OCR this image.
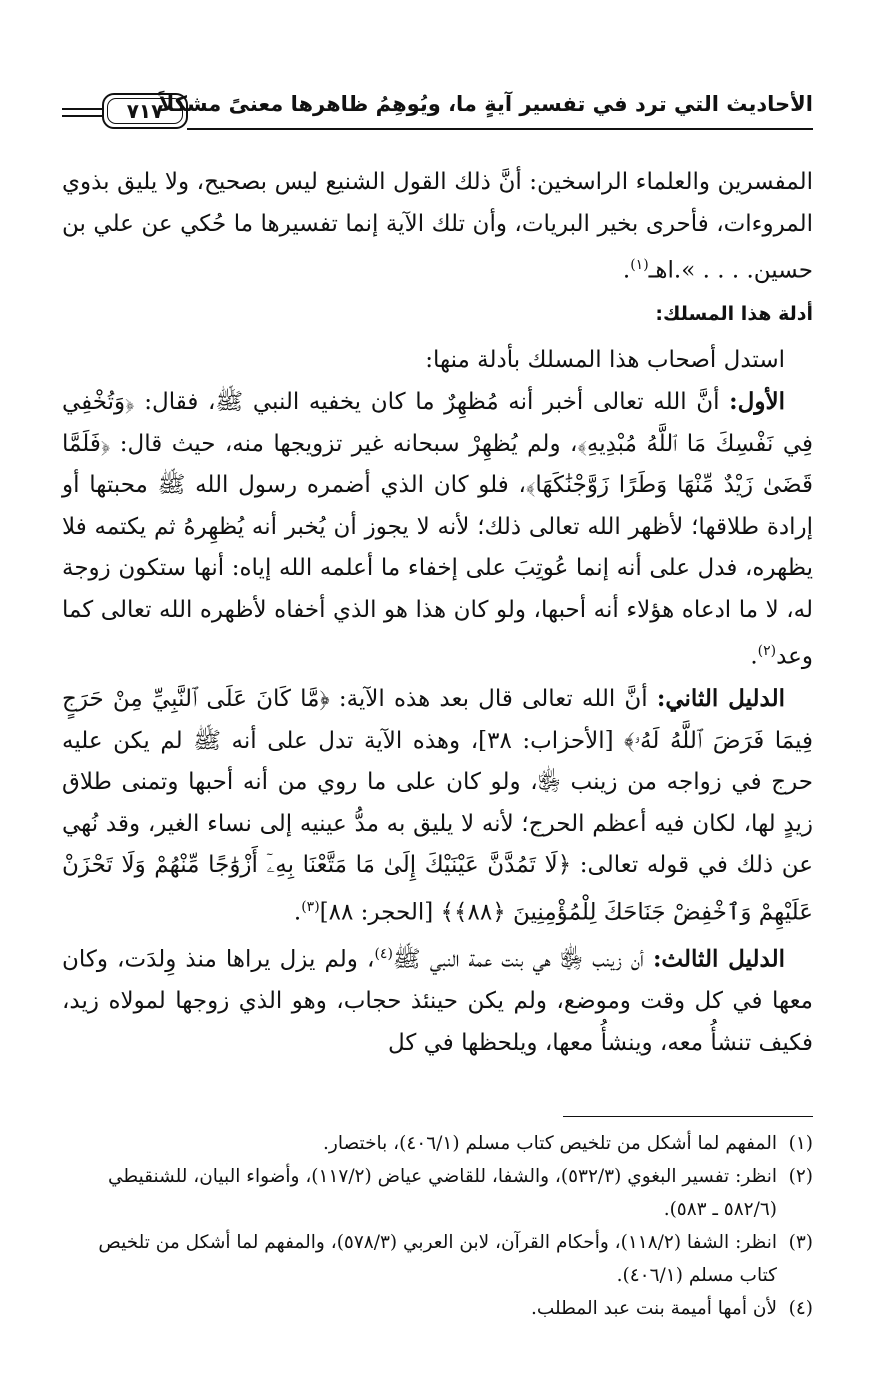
الأحاديث التي ترد في تفسير آيةٍ ما، ويُوهِمُ ظاهرها معنىً مشكلاً
٧١٧

المفسرين والعلماء الراسخين: أنَّ ذلك القول الشنيع ليس بصحيح، ولا يليق بذوي المروءات، فأحرى بخير البريات، وأن تلك الآية إنما تفسيرها ما حُكي عن علي بن حسين. . . . ».اهـ$^{(١)}$.

أدلة هذا المسلك:

استدل أصحاب هذا المسلك بأدلة منها:

الأول: أنَّ الله تعالى أخبر أنه مُظهِرٌ ما كان يخفيه النبي ﷺ، فقال: ﴿وَتُخْفِي فِي نَفْسِكَ مَا ٱللَّهُ مُبْدِيهِ﴾، ولم يُظهِرْ سبحانه غير تزويجها منه، حيث قال: ﴿فَلَمَّا قَضَىٰ زَيْدٌ مِّنْهَا وَطَرًا زَوَّجْنَٰكَهَا﴾، فلو كان الذي أضمره رسول الله ﷺ محبتها أو إرادة طلاقها؛ لأظهر الله تعالى ذلك؛ لأنه لا يجوز أن يُخبر أنه يُظهِرهُ ثم يكتمه فلا يظهره، فدل على أنه إنما عُوتِبَ على إخفاء ما أعلمه الله إياه: أنها ستكون زوجة له، لا ما ادعاه هؤلاء أنه أحبها، ولو كان هذا هو الذي أخفاه لأظهره الله تعالى كما وعد$^{(٢)}$.

الدليل الثاني: أنَّ الله تعالى قال بعد هذه الآية: ﴿مَّا كَانَ عَلَى ٱلنَّبِيِّ مِنْ حَرَجٍ فِيمَا فَرَضَ ٱللَّهُ لَهُۥ﴾ [الأحزاب: ٣٨]، وهذه الآية تدل على أنه ﷺ لم يكن عليه حرج في زواجه من زينب ﵂، ولو كان على ما روي من أنه أحبها وتمنى طلاق زيدٍ لها، لكان فيه أعظم الحرج؛ لأنه لا يليق به مدُّ عينيه إلى نساء الغير، وقد نُهي عن ذلك في قوله تعالى: ﴿لَا تَمُدَّنَّ عَيْنَيْكَ إِلَىٰ مَا مَتَّعْنَا بِهِۦٓ أَزْوَٰجًا مِّنْهُمْ وَلَا تَحْزَنْ عَلَيْهِمْ وَٱخْفِضْ جَنَاحَكَ لِلْمُؤْمِنِينَ ﴿٨٨﴾﴾ [الحجر: ٨٨]$^{(٣)}$.

الدليل الثالث: أن زينب ﵂ هي بنت عمة النبي ﷺ$^{(٤)}$، ولم يزل يراها منذ وِلدَت، وكان معها في كل وقت وموضع، ولم يكن حينئذ حجاب، وهو الذي زوجها لمولاه زيد، فكيف تنشأُ معه، وينشأُ معها، ويلحظها في كل

(١)
المفهم لما أشكل من تلخيص كتاب مسلم (٤٠٦/١)، باختصار.
(٢)
انظر: تفسير البغوي (٥٣٢/٣)، والشفا، للقاضي عياض (١١٧/٢)، وأضواء البيان، للشنقيطي (٥٨٢/٦ ـ ٥٨٣).
(٣)
انظر: الشفا (١١٨/٢)، وأحكام القرآن، لابن العربي (٥٧٨/٣)، والمفهم لما أشكل من تلخيص كتاب مسلم (٤٠٦/١).
(٤)
لأن أمها أميمة بنت عبد المطلب.
